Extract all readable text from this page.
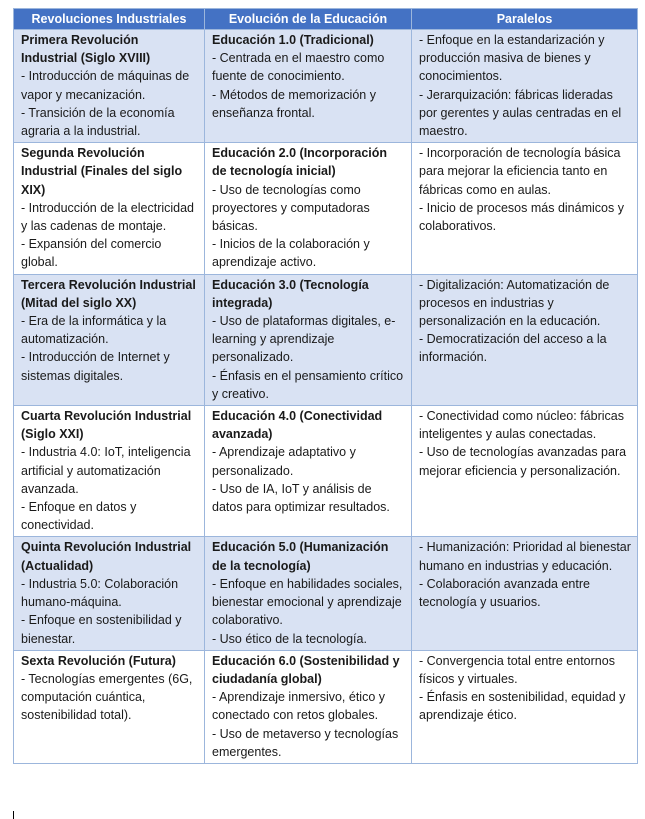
Revoluciones Industriales	Evolución de la Educación	Paralelos

Primera Revolución Industrial (Siglo XVIII)
- Introducción de máquinas de vapor y mecanización.
- Transición de la economía agraria a la industrial.	Educación 1.0 (Tradicional)
- Centrada en el maestro como fuente de conocimiento.
- Métodos de memorización y enseñanza frontal.	- Enfoque en la estandarización y producción masiva de bienes y conocimientos.
- Jerarquización: fábricas lideradas por gerentes y aulas centradas en el maestro.

Segunda Revolución Industrial (Finales del siglo XIX)
- Introducción de la electricidad y las cadenas de montaje.
- Expansión del comercio global.	Educación 2.0 (Incorporación de tecnología inicial)
- Uso de tecnologías como proyectores y computadoras básicas.
- Inicios de la colaboración y aprendizaje activo.	- Incorporación de tecnología básica para mejorar la eficiencia tanto en fábricas como en aulas.
- Inicio de procesos más dinámicos y colaborativos.

Tercera Revolución Industrial (Mitad del siglo XX)
- Era de la informática y la automatización.
- Introducción de Internet y sistemas digitales.	Educación 3.0 (Tecnología integrada)
- Uso de plataformas digitales, e-learning y aprendizaje personalizado.
- Énfasis en el pensamiento crítico y creativo.	- Digitalización: Automatización de procesos en industrias y personalización en la educación.
- Democratización del acceso a la información.

Cuarta Revolución Industrial (Siglo XXI)
- Industria 4.0: IoT, inteligencia artificial y automatización avanzada.
- Enfoque en datos y conectividad.	Educación 4.0 (Conectividad avanzada)
- Aprendizaje adaptativo y personalizado.
- Uso de IA, IoT y análisis de datos para optimizar resultados.	- Conectividad como núcleo: fábricas inteligentes y aulas conectadas.
- Uso de tecnologías avanzadas para mejorar eficiencia y personalización.

Quinta Revolución Industrial (Actualidad)
- Industria 5.0: Colaboración humano-máquina.
- Enfoque en sostenibilidad y bienestar.	Educación 5.0 (Humanización de la tecnología)
- Enfoque en habilidades sociales, bienestar emocional y aprendizaje colaborativo.
- Uso ético de la tecnología.	- Humanización: Prioridad al bienestar humano en industrias y educación.
- Colaboración avanzada entre tecnología y usuarios.

Sexta Revolución (Futura)
- Tecnologías emergentes (6G, computación cuántica, sostenibilidad total).	Educación 6.0 (Sostenibilidad y ciudadanía global)
- Aprendizaje inmersivo, ético y conectado con retos globales.
- Uso de metaverso y tecnologías emergentes.	- Convergencia total entre entornos físicos y virtuales.
- Énfasis en sostenibilidad, equidad y aprendizaje ético.
